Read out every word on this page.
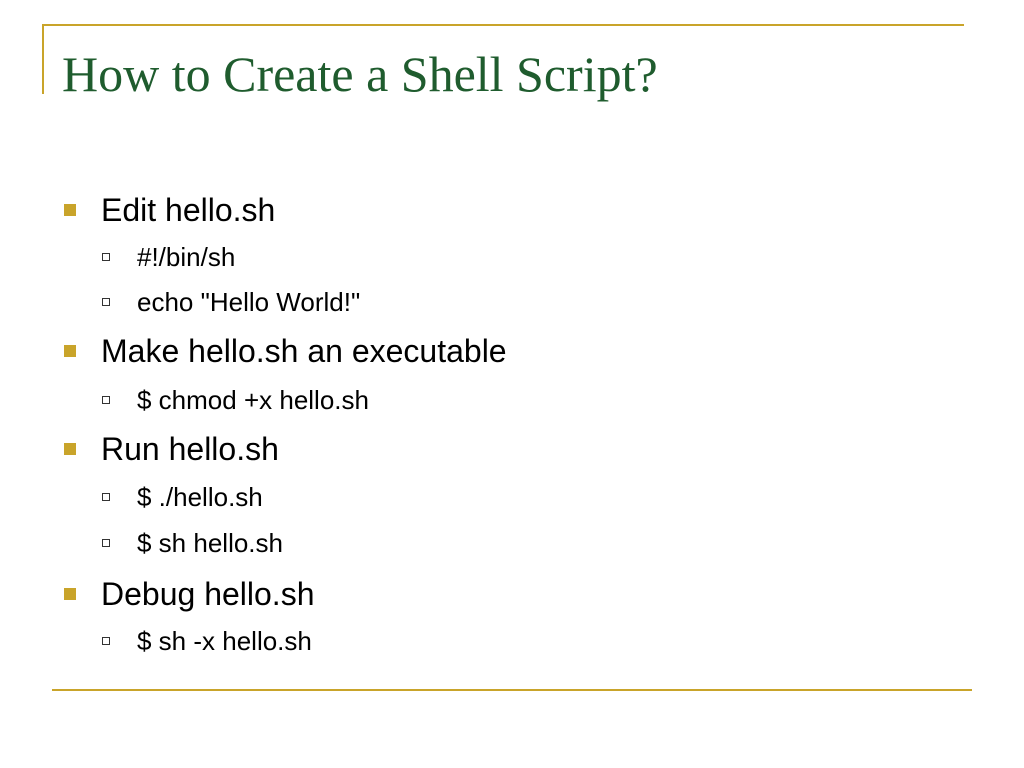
How to Create a Shell Script?
Edit hello.sh
#!/bin/sh
echo "Hello World!"
Make hello.sh an executable
$ chmod +x hello.sh
Run hello.sh
$ ./hello.sh
$ sh hello.sh
Debug hello.sh
$ sh -x hello.sh
